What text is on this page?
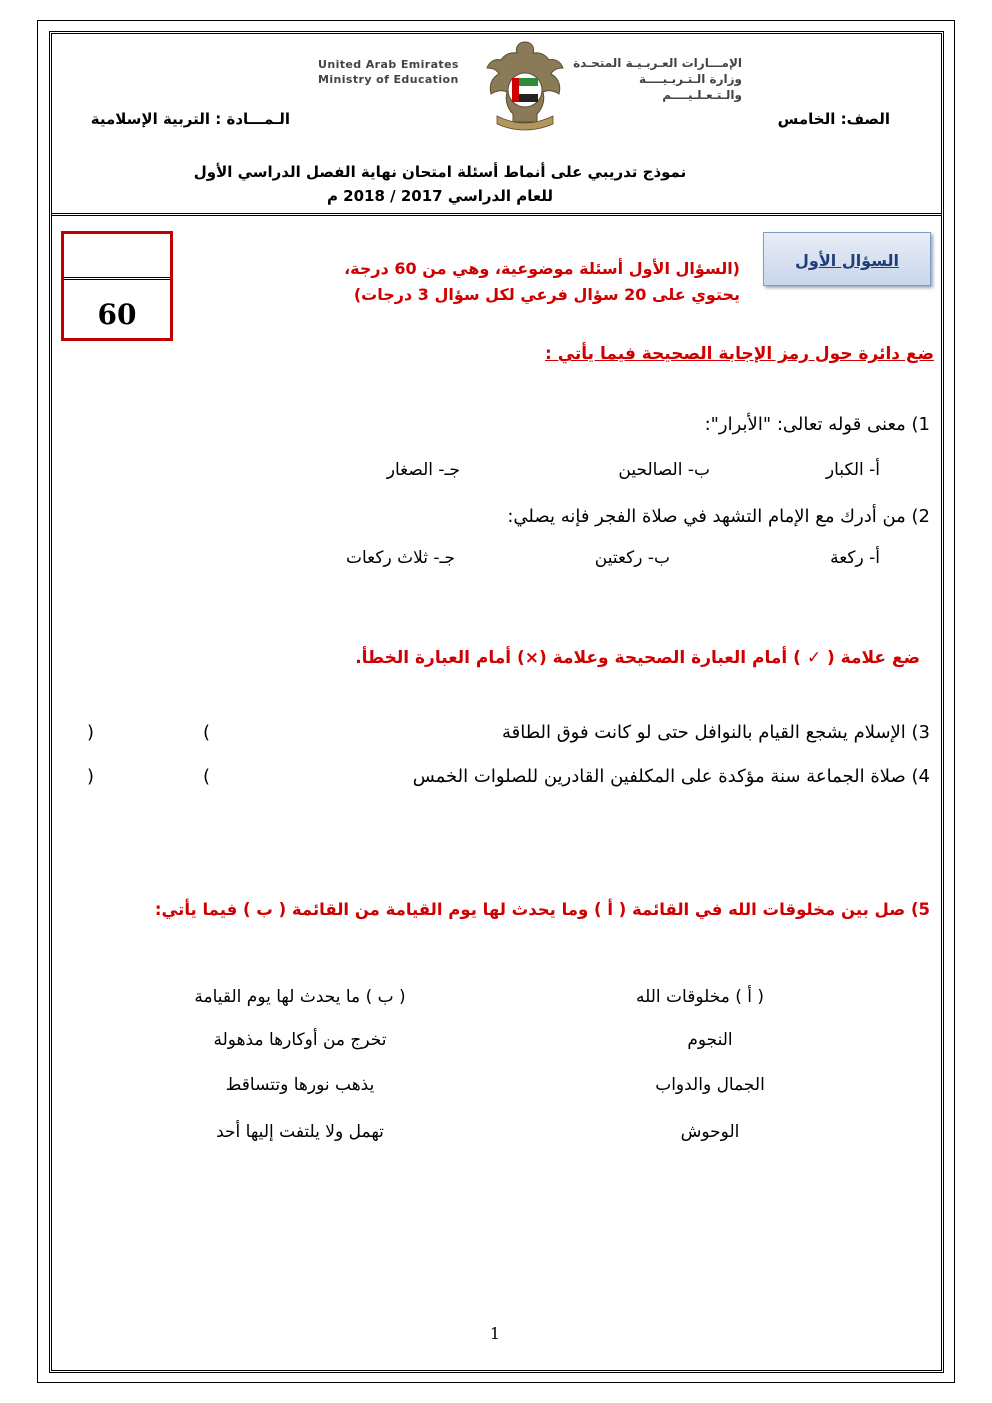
United Arab Emirates
Ministry of Education
الإمـــارات العـربـيـة المتحـدة
وزارة الـتـربـيــــة والـتـعـلـيــــم
الصف: الخامس
الـمـــادة : التربية الإسلامية
نموذج تدريبي على أنماط أسئلة امتحان نهاية الفصل الدراسي الأول
للعام الدراسي 2017 / 2018 م
60
السؤال الأول
(السؤال الأول أسئلة موضوعية، وهي من 60 درجة،
يحتوي على 20 سؤال فرعي لكل سؤال 3 درجات)
ضع دائرة حول رمز الإجابة الصحيحة فيما يأتي :
1) معنى قوله تعالى: "الأبرار":
أ- الكبار
ب- الصالحين
جـ- الصغار
2) من أدرك مع الإمام التشهد في صلاة الفجر فإنه يصلي:
أ- ركعة
ب- ركعتين
جـ- ثلاث ركعات
ضع علامة ( ✓ ) أمام العبارة الصحيحة وعلامة (×) أمام العبارة الخطأ.
3) الإسلام يشجع القيام بالنوافل حتى لو كانت فوق الطاقة
(
)
4) صلاة الجماعة سنة مؤكدة على المكلفين القادرين للصلوات الخمس
(
)
5) صل بين مخلوقات الله في القائمة ( أ ) وما يحدث لها يوم القيامة من القائمة ( ب ) فيما يأتي:
( أ ) مخلوقات الله
( ب ) ما يحدث لها يوم القيامة
النجوم
الجمال والدواب
الوحوش
تخرج من أوكارها مذهولة
يذهب نورها وتتساقط
تهمل ولا يلتفت إليها أحد
1
